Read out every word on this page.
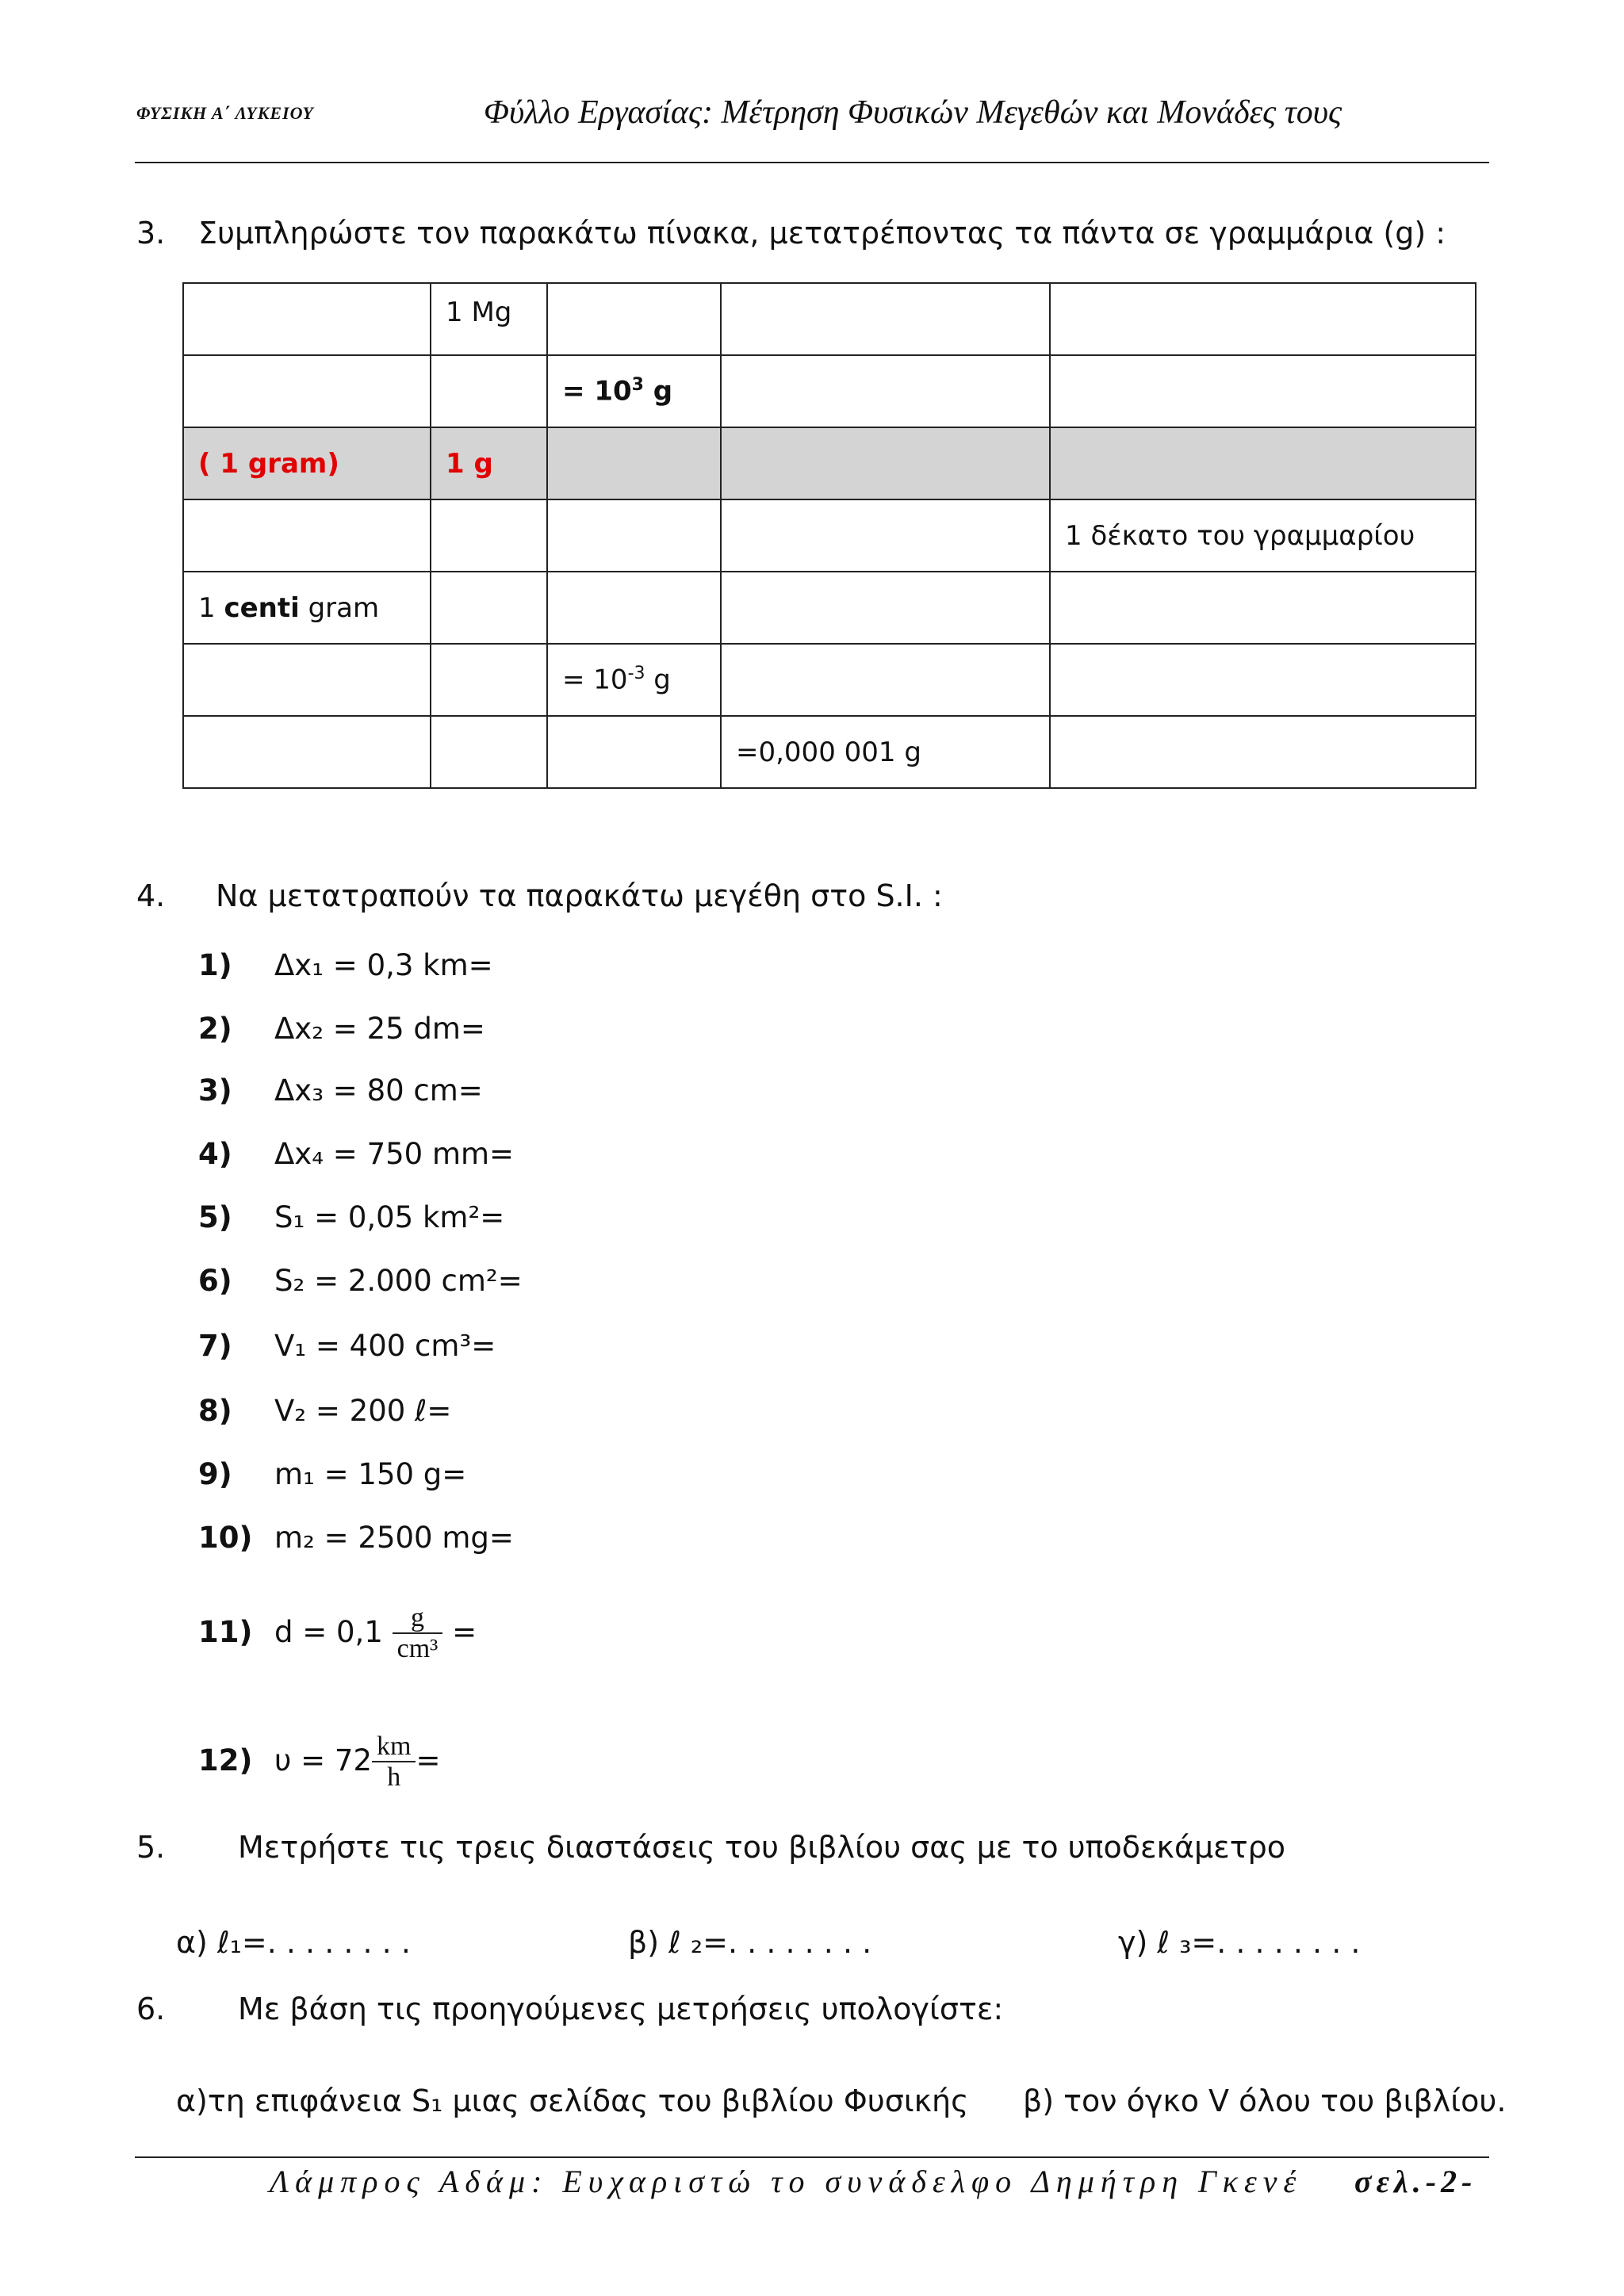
ΦΥΣΙΚΗ Α΄ ΛΥΚΕΙΟΥ	Φύλλο Εργασίας: Μέτρηση Φυσικών Μεγεθών και Μονάδες τους
3. Συμπληρώστε τον παρακάτω πίνακα, μετατρέποντας τα πάντα σε γραμμάρια (g) :
	1 Mg			
		= $10^3$ g		
( 1 gram)	1 g			
				1 δέκατο του γραμμαρίου
1 centi gram				
		= $10^{-3}$ g		
			=0,000 001 g	
4. Να μετατραπούν τα παρακάτω μεγέθη στο S.I. :
1) Δx₁ = 0,3 km=
2) Δx₂ = 25 dm=
3) Δx₃ = 80 cm=
4) Δx₄ = 750 mm=
5) S₁ = 0,05 km²=
6) S₂ = 2.000 cm²=
7) V₁ = 400 cm³=
8) V₂ = 200 ℓ=
9) m₁ = 150 g=
10) m₂ = 2500 mg=
11) $d = 0,1 \frac{g}{\text{cm³}}$ =
12) $\upsilon = 72 \frac{km}{h}$ =
5. Μετρήστε τις τρεις διαστάσεις του βιβλίου σας με το υποδεκάμετρο
α) ℓ₁=. . . . . . . .	β) ℓ ₂=. . . . . . . .	γ) ℓ ₃=. . . . . . . .
6. Με βάση τις προηγούμενες μετρήσεις υπολογίστε:
α)τη επιφάνεια S₁ μιας σελίδας του βιβλίου Φυσικής β) τον όγκο V όλου του βιβλίου.
Λάμπρος Αδάμ: Ευχαριστώ το συνάδελφο Δημήτρη Γκενέ σελ.-2-
